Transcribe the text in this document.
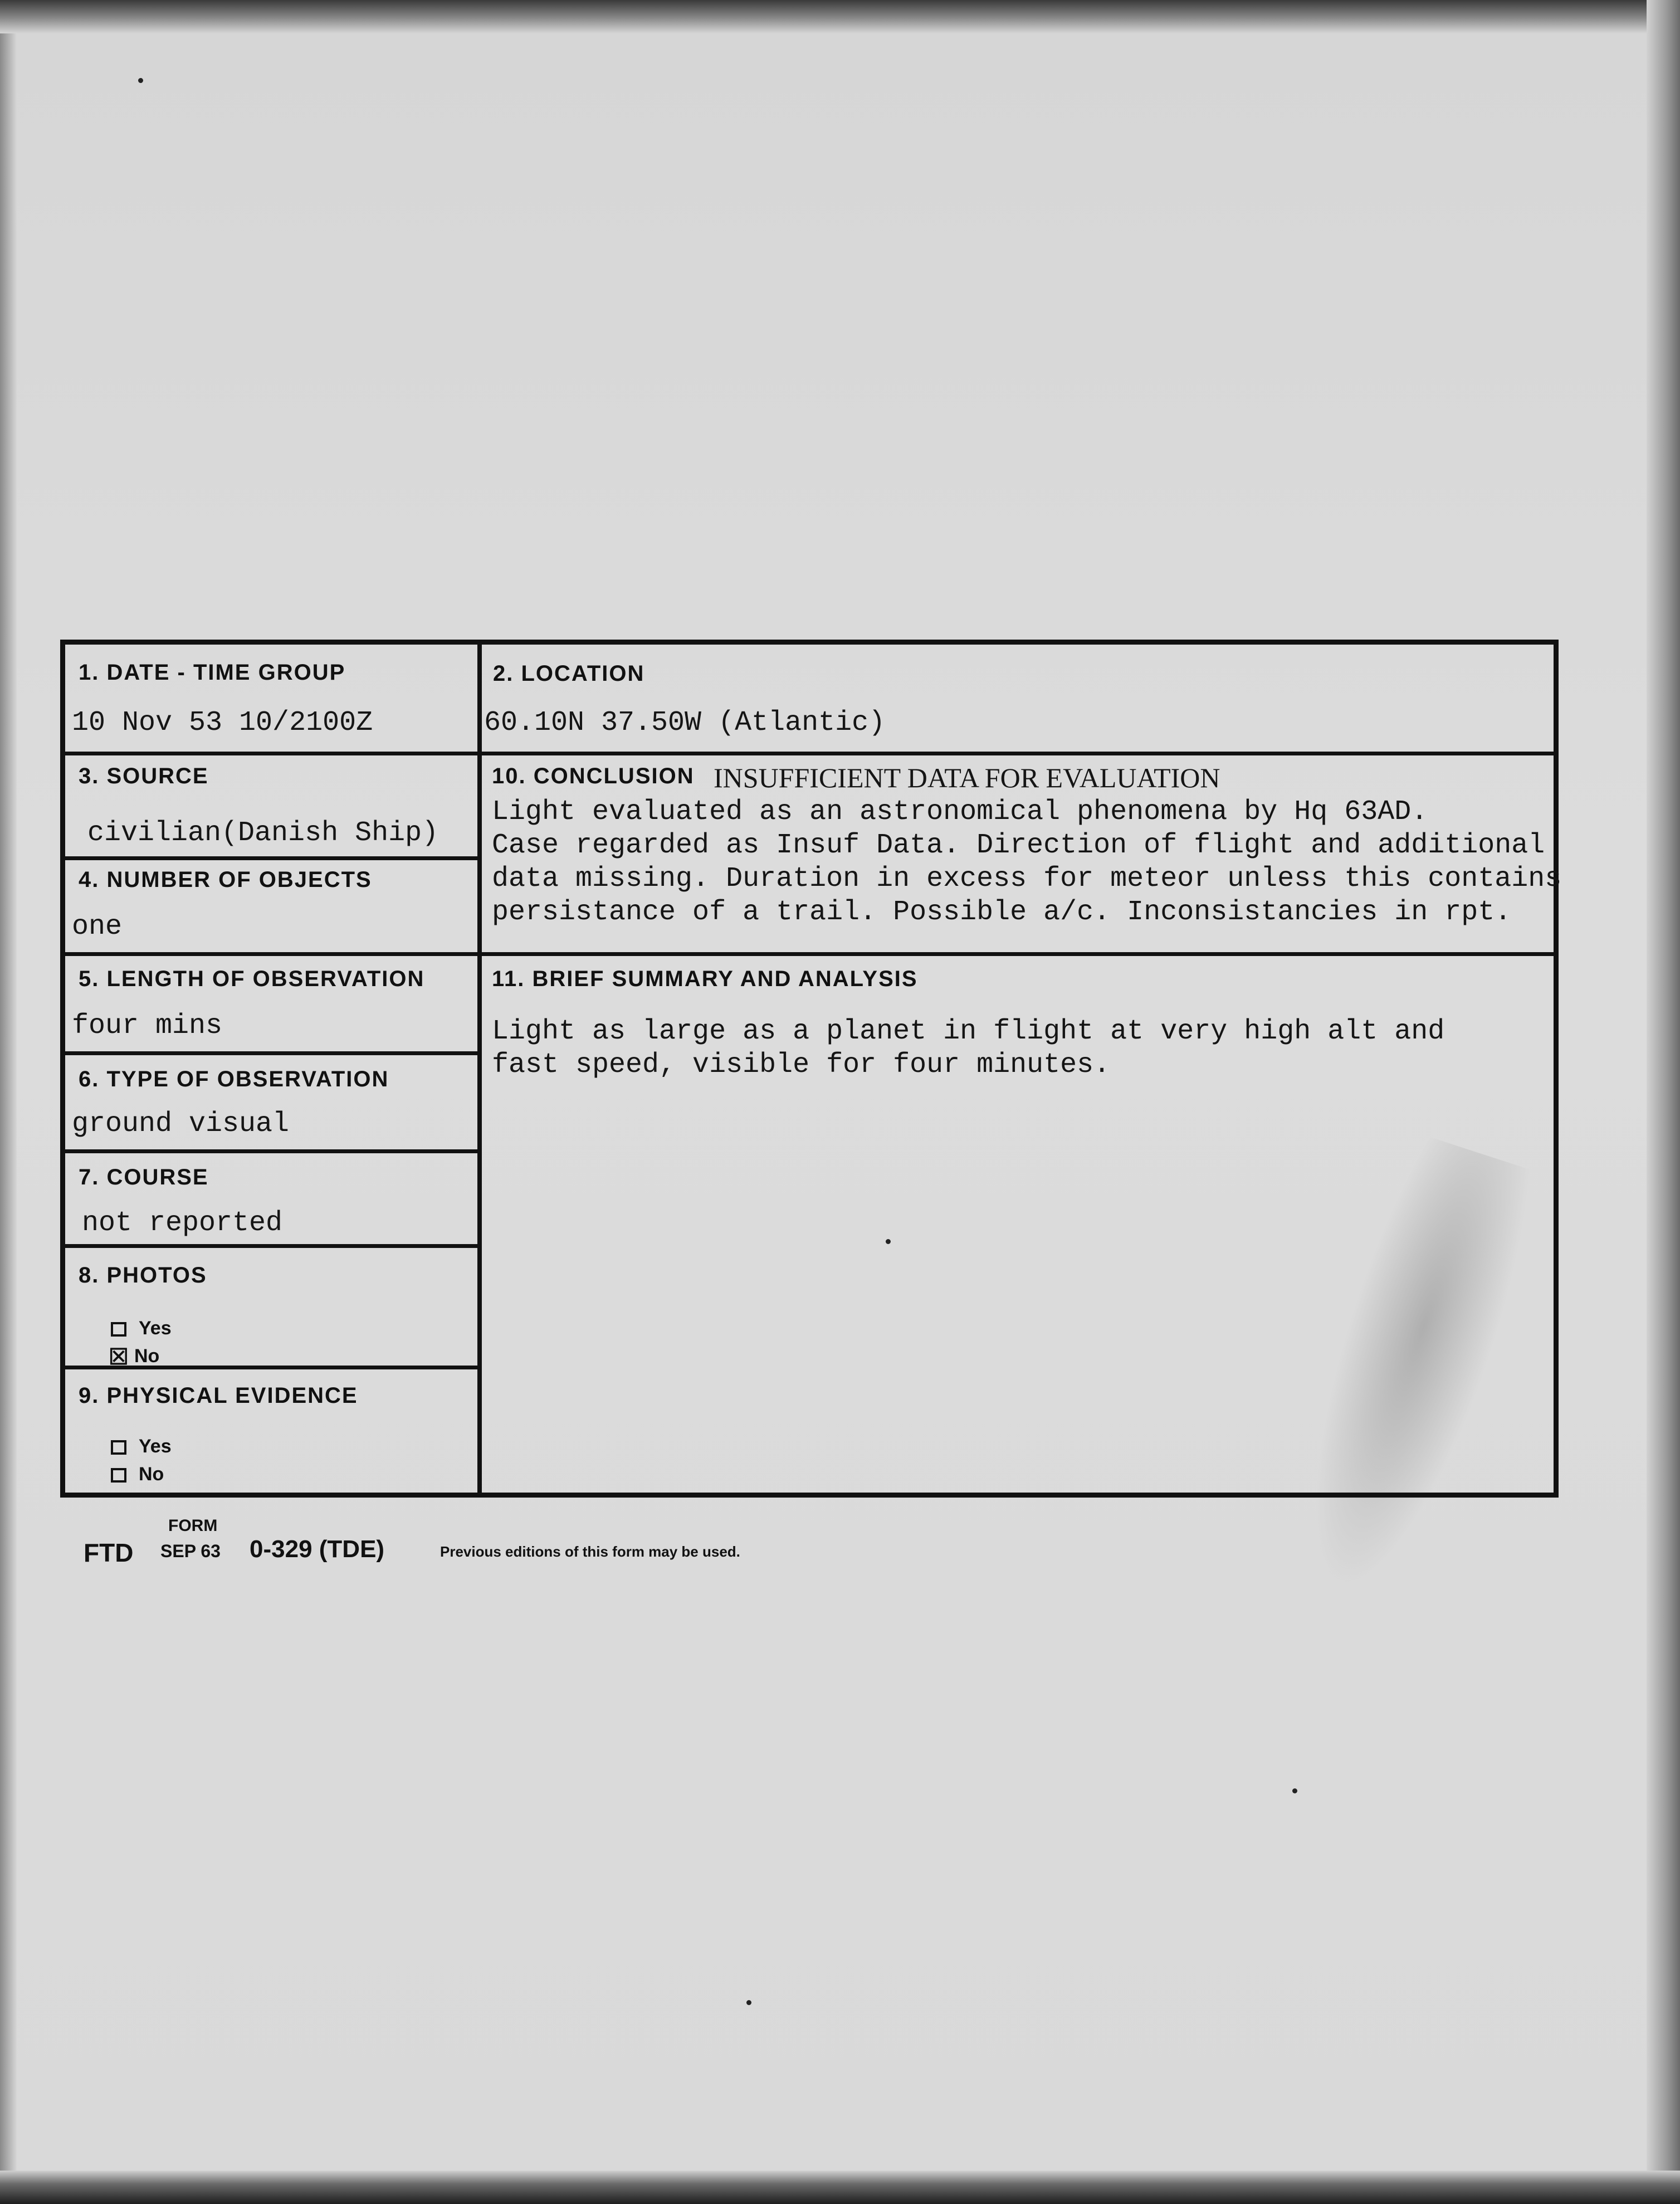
1. DATE - TIME GROUP
10 Nov 53 10/2100Z
2. LOCATION
60.10N 37.50W (Atlantic)
3. SOURCE
civilian(Danish Ship)
4. NUMBER OF OBJECTS
one
5. LENGTH OF OBSERVATION
four mins
6. TYPE OF OBSERVATION
ground visual
7. COURSE
not reported
8. PHOTOS
Yes
☒ No
9. PHYSICAL EVIDENCE
Yes
No
10. CONCLUSION INSUFFICIENT DATA FOR EVALUATION
Light evaluated as an astronomical phenomena by Hq 63AD.
Case regarded as Insuf Data. Direction of flight and additional
data missing. Duration in excess for meteor unless this contains
persistance of a trail. Possible a/c. Inconsistancies in rpt.
11. BRIEF SUMMARY AND ANALYSIS
Light as large as a planet in flight at very high alt and
fast speed, visible for four minutes.
FTD
FORM
SEP 63 0-329 (TDE)	Previous editions of this form may be used.
